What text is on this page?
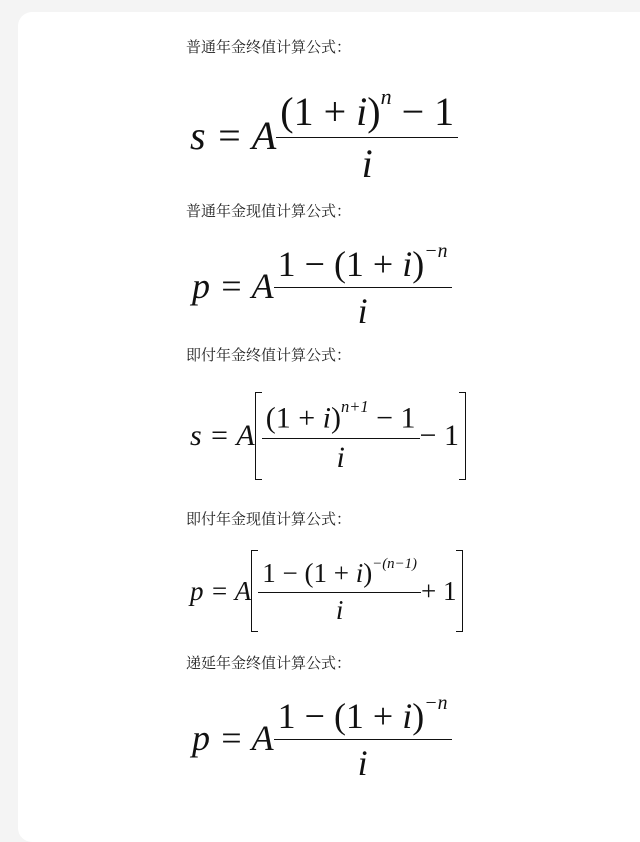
普通年金终值计算公式：
s = A $\frac{(1 + i)^n - 1}{i}$
普通年金现值计算公式：
p = A $\frac{1 - (1 + i)^{-n}}{i}$
即付年金终值计算公式：
s = A $\frac{(1 + i)^{n+1} - 1}{i} - 1$
即付年金现值计算公式：
p = A $\frac{1 - (1 + i)^{-(n-1)}}{i} + 1$
递延年金终值计算公式：
p = A $\frac{1 - (1 + i)^{-n}}{i}$
